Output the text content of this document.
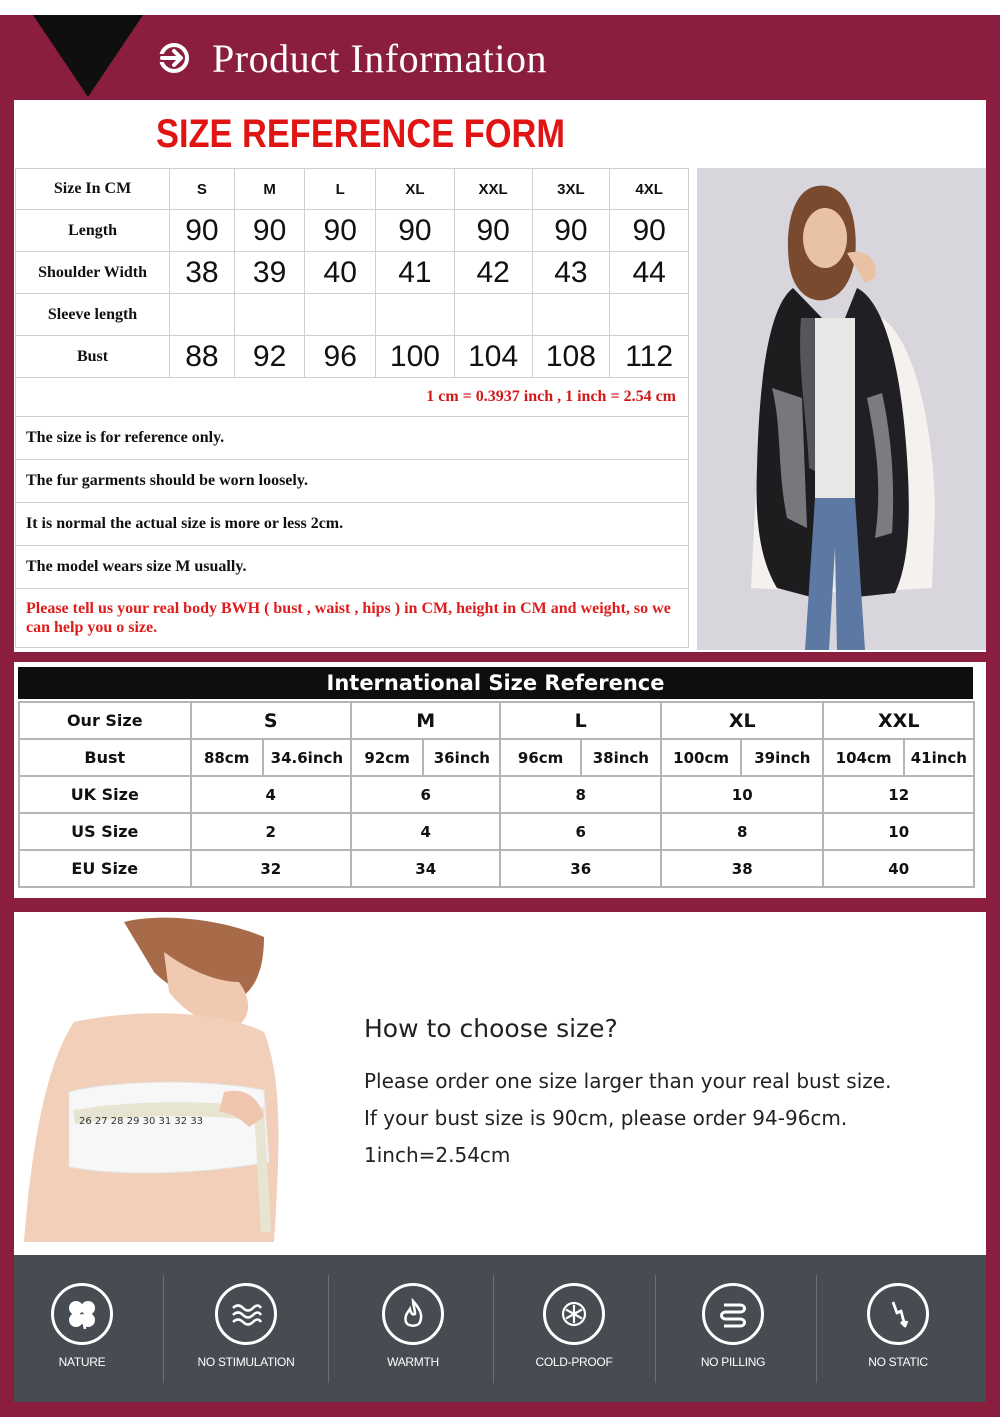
Product Information
SIZE REFERENCE FORM
Size In CM	S	M	L	XL	XXL	3XL	4XL
Length	90	90	90	90	90	90	90
Shoulder Width	38	39	40	41	42	43	44
Sleeve length							
Bust	88	92	96	100	104	108	112
1 cm = 0.3937 inch , 1 inch = 2.54 cm							
The size is for reference only.							
The fur garments should be worn loosely.							
It is normal the actual size is more or less 2cm.							
The model wears size M usually.							
Please tell us your real body BWH ( bust , waist , hips ) in CM, height in CM and weight, so we can help you o size.							
International Size Reference
Our Size	S		M		L		XL		XXL	
Bust	88cm	34.6inch	92cm	36inch	96cm	38inch	100cm	39inch	104cm	41inch
UK Size	4		6		8		10		12	
US Size	2		4		6		8		10	
EU Size	32		34		36		38		40	
26 27 28 29 30 31 32 33
How to choose size?
Please order one size larger than your real bust size.
If your bust size is 90cm, please order 94-96cm.
1inch=2.54cm
NATURE	NO STIMULATION	WARMTH	COLD-PROOF	NO PILLING	NO STATIC
